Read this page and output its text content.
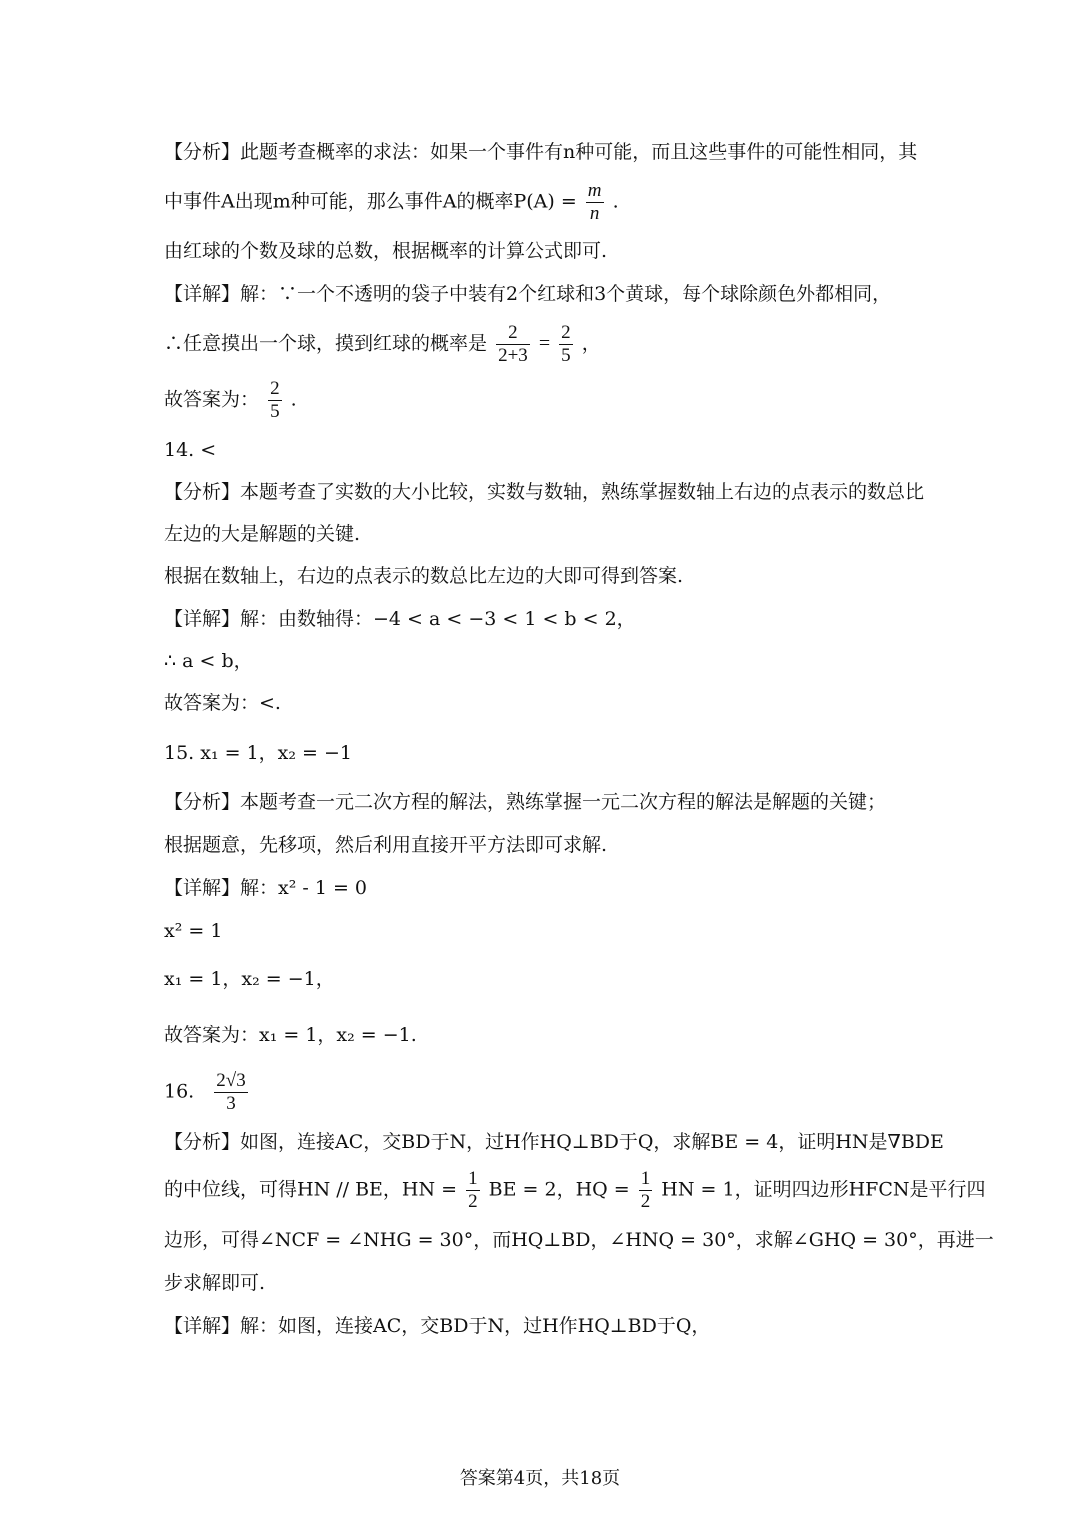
【分析】此题考查概率的求法：如果一个事件有n种可能，而且这些事件的可能性相同，其
中事件A出现m种可能，那么事件A的概率$P(A) = \frac{m}{n}$ .
由红球的个数及球的总数，根据概率的计算公式即可.
【详解】解：∵一个不透明的袋子中装有2个红球和3个黄球，每个球除颜色外都相同，
∴任意摸出一个球，摸到红球的概率是 $\frac{2}{2+3} = \frac{2}{5}$ ，
故答案为： $\frac{2}{5}$ .
14. <
【分析】本题考查了实数的大小比较，实数与数轴，熟练掌握数轴上右边的点表示的数总比
左边的大是解题的关键.
根据在数轴上，右边的点表示的数总比左边的大即可得到答案.
【详解】解：由数轴得：−4 < a < −3 < 1 < b < 2，
∴ a < b，
故答案为：<.
15. x₁ = 1，x₂ = −1
【分析】本题考查一元二次方程的解法，熟练掌握一元二次方程的解法是解题的关键；
根据题意，先移项，然后利用直接开平方法即可求解.
【详解】解：x² - 1 = 0
x² = 1
x₁ = 1，x₂ = −1，
故答案为：x₁ = 1，x₂ = −1.
16. $\frac{2√3}{3}$
【分析】如图，连接AC，交BD于N，过H作HQ⊥BD于Q，求解BE = 4，证明HN是∇BDE
的中位线，可得HN // BE，HN = $\frac{1}{2}$ BE = 2，HQ = $\frac{1}{2}$ HN = 1，证明四边形HFCN是平行四
边形，可得∠NCF = ∠NHG = 30°，而HQ⊥BD，∠HNQ = 30°，求解∠GHQ = 30°，再进一
步求解即可.
【详解】解：如图，连接AC，交BD于N，过H作HQ⊥BD于Q，
答案第4页，共18页
